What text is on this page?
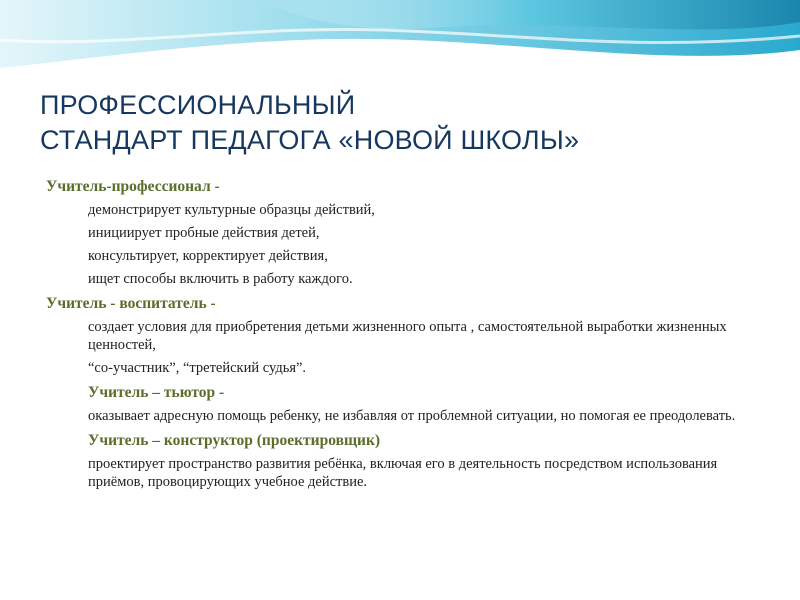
ПРОФЕССИОНАЛЬНЫЙ
СТАНДАРТ ПЕДАГОГА «НОВОЙ ШКОЛЫ»
Учитель-профессионал -
демонстрирует культурные образцы действий,
инициирует пробные действия детей,
консультирует, корректирует действия,
ищет способы включить в работу каждого.
Учитель - воспитатель -
создает условия для приобретения детьми жизненного опыта , самостоятельной выработки жизненных ценностей,
“со-участник”, “третейский судья”.
Учитель – тьютор -
оказывает адресную помощь ребенку, не избавляя от проблемной ситуации, но помогая ее преодолевать.
Учитель – конструктор (проектировщик)
проектирует пространство развития ребёнка, включая его в деятельность посредством использования приёмов, провоцирующих учебное действие.
